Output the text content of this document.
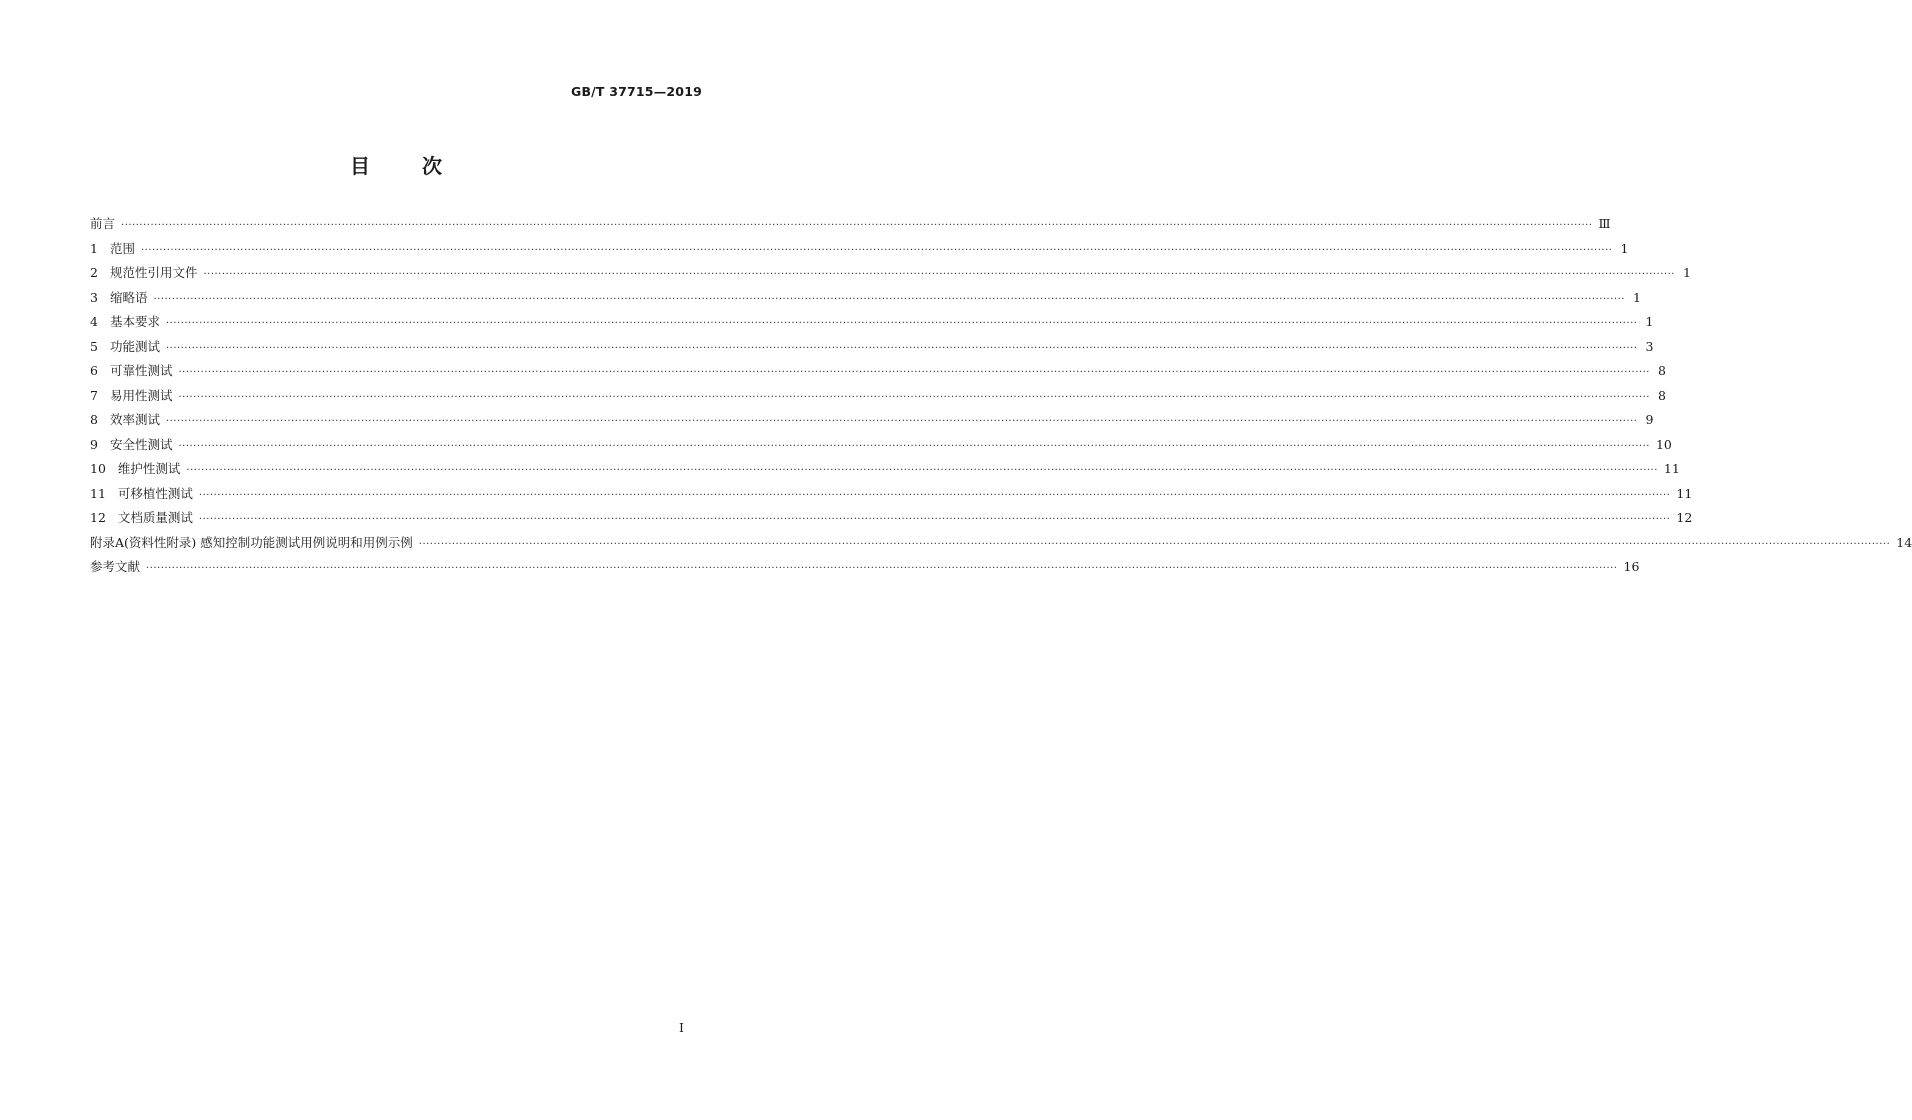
GB/T 37715—2019
目次
前言 ················································································································································································································································································································································································································ Ⅲ
1 范围 ················································································································································································································································································································································································································ 1
2 规范性引用文件 ················································································································································································································································································································································································································ 1
3 缩略语 ················································································································································································································································································································································································································ 1
4 基本要求 ················································································································································································································································································································································································································ 1
5 功能测试 ················································································································································································································································································································································································································ 3
6 可靠性测试 ················································································································································································································································································································································································································ 8
7 易用性测试 ················································································································································································································································································································································································································ 8
8 效率测试 ················································································································································································································································································································································································································ 9
9 安全性测试 ················································································································································································································································································································································································································ 10
10 维护性测试 ················································································································································································································································································································································································································ 11
11 可移植性测试 ················································································································································································································································································································································································································ 11
12 文档质量测试 ················································································································································································································································································································································································································ 12
附录A(资料性附录) 感知控制功能测试用例说明和用例示例 ················································································································································································································································································································································································································ 14
参考文献 ················································································································································································································································································································································································································ 16
Ⅰ
